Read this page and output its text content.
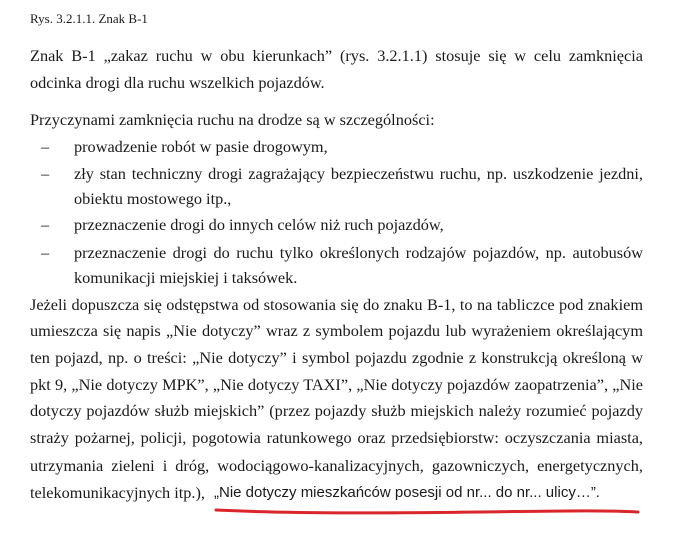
Rys. 3.2.1.1. Znak B-1
Znak B-1 „zakaz ruchu w obu kierunkach” (rys. 3.2.1.1) stosuje się w celu zamknięcia
odcinka drogi dla ruchu wszelkich pojazdów.
Przyczynami zamknięcia ruchu na drodze są w szczególności:
– prowadzenie robót w pasie drogowym,
– zły stan techniczny drogi zagrażający bezpieczeństwu ruchu, np. uszkodzenie jezdni,
obiektu mostowego itp.,
– przeznaczenie drogi do innych celów niż ruch pojazdów,
– przeznaczenie drogi do ruchu tylko określonych rodzajów pojazdów, np. autobusów
komunikacji miejskiej i taksówek.
Jeżeli dopuszcza się odstępstwa od stosowania się do znaku B-1, to na tabliczce pod znakiem
umieszcza się napis „Nie dotyczy” wraz z symbolem pojazdu lub wyrażeniem określającym
ten pojazd, np. o treści: „Nie dotyczy” i symbol pojazdu zgodnie z konstrukcją określoną w
pkt 9, „Nie dotyczy MPK”, „Nie dotyczy TAXI”, „Nie dotyczy pojazdów zaopatrzenia”, „Nie
dotyczy pojazdów służb miejskich” (przez pojazdy służb miejskich należy rozumieć pojazdy
straży pożarnej, policji, pogotowia ratunkowego oraz przedsiębiorstw: oczyszczania miasta,
utrzymania zieleni i dróg, wodociągowo-kanalizacyjnych, gazowniczych, energetycznych,
telekomunikacyjnych itp.), „Nie dotyczy mieszkańców posesji od nr... do nr... ulicy…”.
